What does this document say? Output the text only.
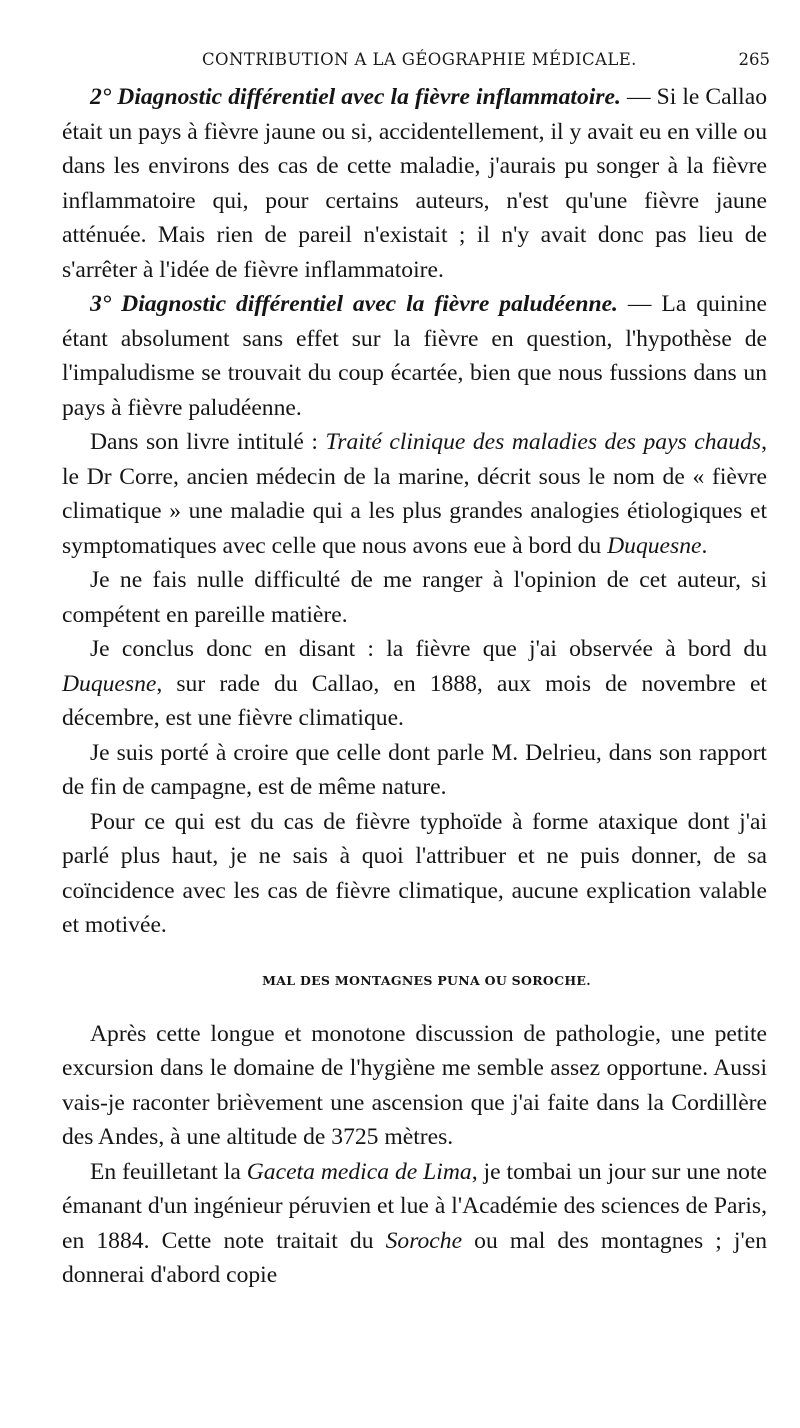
CONTRIBUTION A LA GÉOGRAPHIE MÉDICALE.	265

2° Diagnostic différentiel avec la fièvre inflammatoire. — Si le Callao était un pays à fièvre jaune ou si, accidentellement, il y avait eu en ville ou dans les environs des cas de cette maladie, j'aurais pu songer à la fièvre inflammatoire qui, pour certains auteurs, n'est qu'une fièvre jaune atténuée. Mais rien de pareil n'existait ; il n'y avait donc pas lieu de s'arrêter à l'idée de fièvre inflammatoire.

3° Diagnostic différentiel avec la fièvre paludéenne. — La quinine étant absolument sans effet sur la fièvre en question, l'hypothèse de l'impaludisme se trouvait du coup écartée, bien que nous fussions dans un pays à fièvre paludéenne.

Dans son livre intitulé : Traité clinique des maladies des pays chauds, le Dr Corre, ancien médecin de la marine, décrit sous le nom de « fièvre climatique » une maladie qui a les plus grandes analogies étiologiques et symptomatiques avec celle que nous avons eue à bord du Duquesne.

Je ne fais nulle difficulté de me ranger à l'opinion de cet auteur, si compétent en pareille matière.

Je conclus donc en disant : la fièvre que j'ai observée à bord du Duquesne, sur rade du Callao, en 1888, aux mois de novembre et décembre, est une fièvre climatique.

Je suis porté à croire que celle dont parle M. Delrieu, dans son rapport de fin de campagne, est de même nature.

Pour ce qui est du cas de fièvre typhoïde à forme ataxique dont j'ai parlé plus haut, je ne sais à quoi l'attribuer et ne puis donner, de sa coïncidence avec les cas de fièvre climatique, aucune explication valable et motivée.

MAL DES MONTAGNES PUNA OU SOROCHE.

Après cette longue et monotone discussion de pathologie, une petite excursion dans le domaine de l'hygiène me semble assez opportune. Aussi vais-je raconter brièvement une ascension que j'ai faite dans la Cordillère des Andes, à une altitude de 3725 mètres.

En feuilletant la Gaceta medica de Lima, je tombai un jour sur une note émanant d'un ingénieur péruvien et lue à l'Académie des sciences de Paris, en 1884. Cette note traitait du Soroche ou mal des montagnes ; j'en donnerai d'abord copie
